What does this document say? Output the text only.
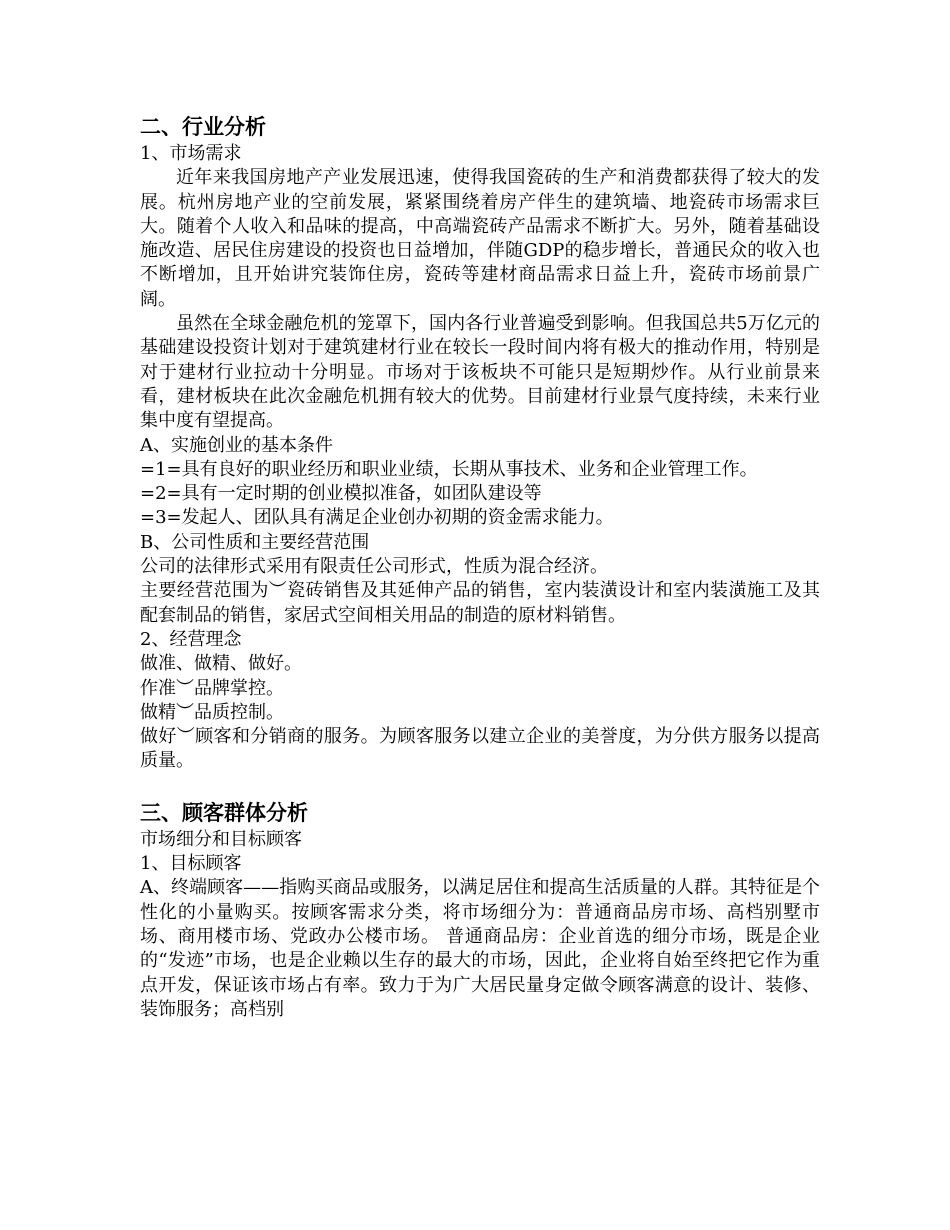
二、行业分析
1、市场需求

近年来我国房地产产业发展迅速，使得我国瓷砖的生产和消费都获得了较大的发展。杭州房地产业的空前发展，紧紧围绕着房产伴生的建筑墙、地瓷砖市场需求巨大。随着个人收入和品味的提高，中高端瓷砖产品需求不断扩大。另外，随着基础设施改造、居民住房建设的投资也日益增加，伴随GDP的稳步增长，普通民众的收入也不断增加，且开始讲究装饰住房，瓷砖等建材商品需求日益上升，瓷砖市场前景广阔。

虽然在全球金融危机的笼罩下，国内各行业普遍受到影响。但我国总共5万亿元的基础建设投资计划对于建筑建材行业在较长一段时间内将有极大的推动作用，特别是对于建材行业拉动十分明显。市场对于该板块不可能只是短期炒作。从行业前景来看，建材板块在此次金融危机拥有较大的优势。目前建材行业景气度持续，未来行业集中度有望提高。

A、实施创业的基本条件

=1=具有良好的职业经历和职业业绩，长期从事技术、业务和企业管理工作。

=2=具有一定时期的创业模拟准备，如团队建设等
=3=发起人、团队具有满足企业创办初期的资金需求能力。
B、公司性质和主要经营范围
公司的法律形式采用有限责任公司形式，性质为混合经济。

主要经营范围为︶瓷砖销售及其延伸产品的销售，室内装潢设计和室内装潢施工及其配套制品的销售，家居式空间相关用品的制造的原材料销售。

2、经营理念
做准、做精、做好。
作准︶品牌掌控。
做精︶品质控制。

做好︶顾客和分销商的服务。为顾客服务以建立企业的美誉度，为分供方服务以提高质量。

三、顾客群体分析
市场细分和目标顾客
1、目标顾客

A、终端顾客——指购买商品或服务，以满足居住和提高生活质量的人群。其特征是个性化的小量购买。按顾客需求分类，将市场细分为：普通商品房市场、高档别墅市场、商用楼市场、党政办公楼市场。 普通商品房：企业首选的细分市场，既是企业的“发迹”市场，也是企业赖以生存的最大的市场，因此，企业将自始至终把它作为重点开发，保证该市场占有率。致力于为广大居民量身定做令顾客满意的设计、装修、装饰服务；高档别
